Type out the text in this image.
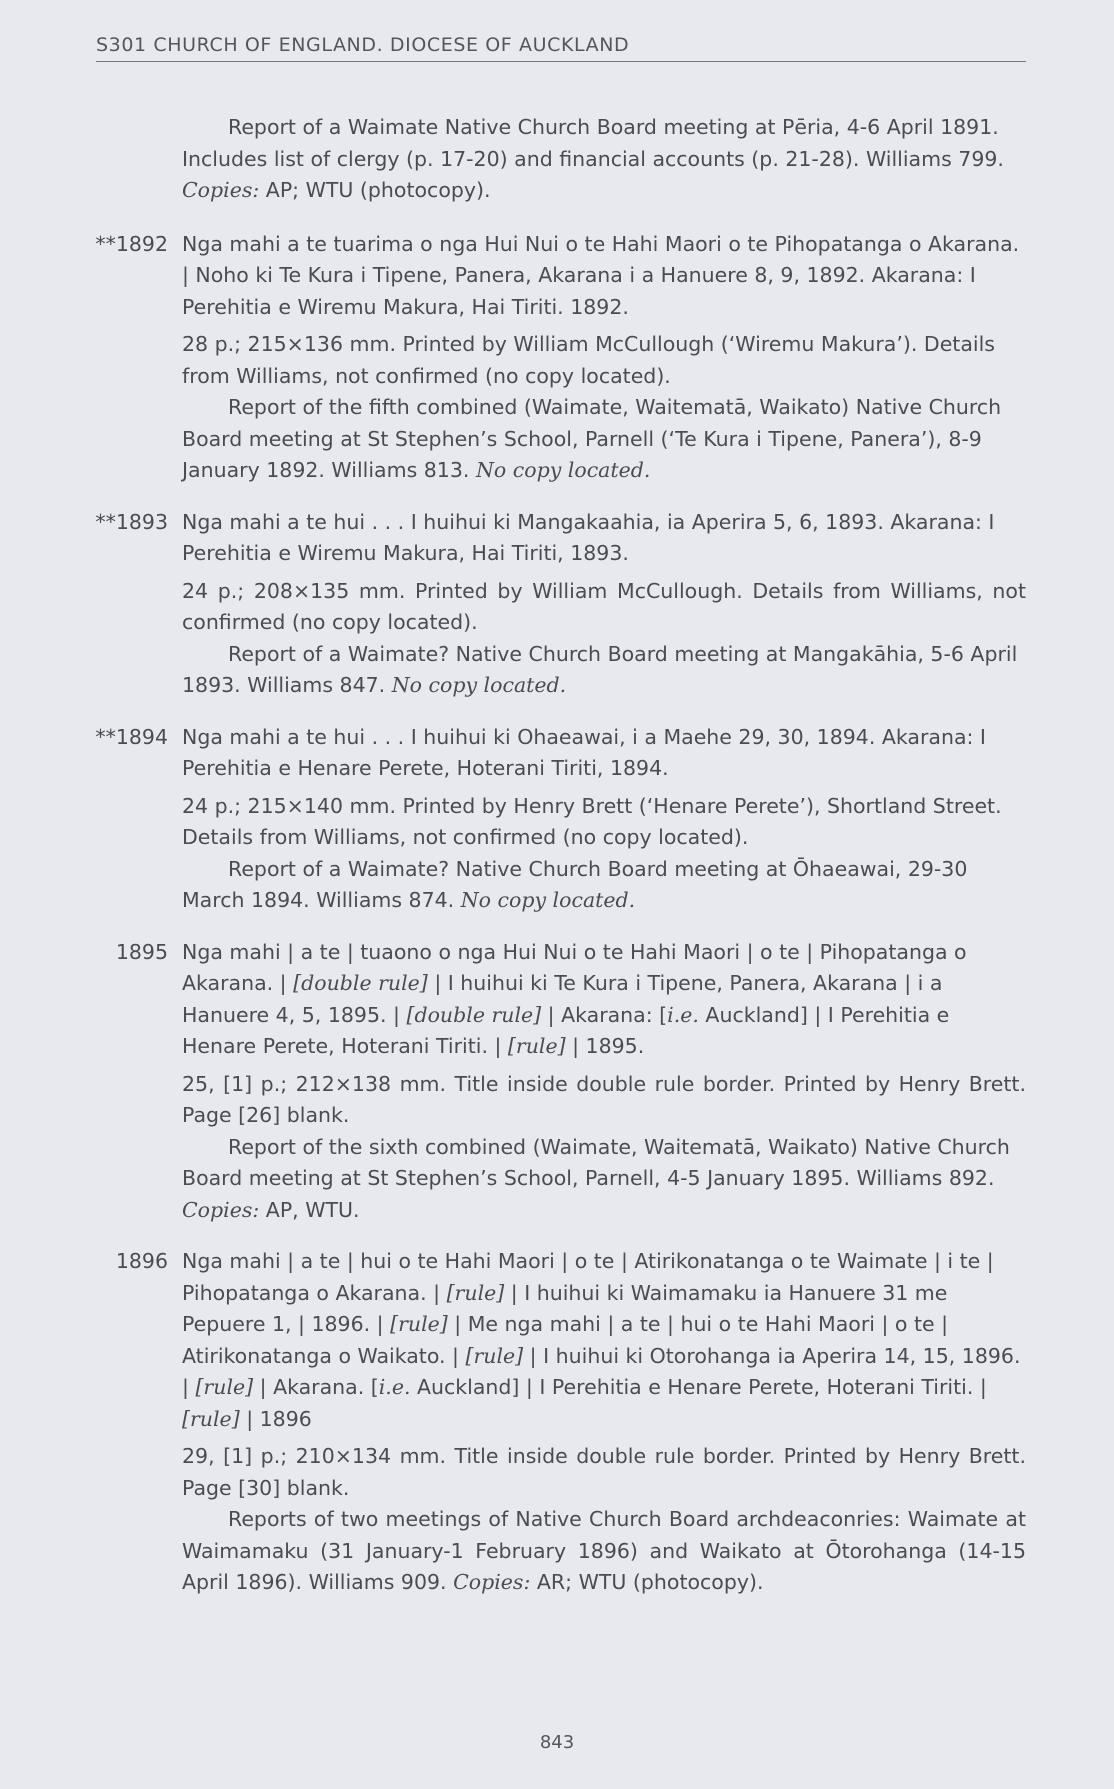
S301 CHURCH OF ENGLAND. DIOCESE OF AUCKLAND

Report of a Waimate Native Church Board meeting at Pēria, 4-6 April 1891. Includes list of clergy (p. 17-20) and financial accounts (p. 21-28). Williams 799. Copies: AP; WTU (photocopy).

**1892 Nga mahi a te tuarima o nga Hui Nui o te Hahi Maori o te Pihopatanga o Akarana. | Noho ki Te Kura i Tipene, Panera, Akarana i a Hanuere 8, 9, 1892. Akarana: I Perehitia e Wiremu Makura, Hai Tiriti. 1892.

28 p.; 215×136 mm. Printed by William McCullough (‘Wiremu Makura’). Details from Williams, not confirmed (no copy located).

Report of the fifth combined (Waimate, Waitematā, Waikato) Native Church Board meeting at St Stephen’s School, Parnell (‘Te Kura i Tipene, Panera’), 8-9 January 1892. Williams 813. No copy located.

**1893 Nga mahi a te hui . . . I huihui ki Mangakaahia, ia Aperira 5, 6, 1893. Akarana: I Perehitia e Wiremu Makura, Hai Tiriti, 1893.

24 p.; 208×135 mm. Printed by William McCullough. Details from Williams, not confirmed (no copy located).

Report of a Waimate? Native Church Board meeting at Mangakāhia, 5-6 April 1893. Williams 847. No copy located.

**1894 Nga mahi a te hui . . . I huihui ki Ohaeawai, i a Maehe 29, 30, 1894. Akarana: I Perehitia e Henare Perete, Hoterani Tiriti, 1894.

24 p.; 215×140 mm. Printed by Henry Brett (‘Henare Perete’), Shortland Street. Details from Williams, not confirmed (no copy located).

Report of a Waimate? Native Church Board meeting at Ōhaeawai, 29-30 March 1894. Williams 874. No copy located.

1895 Nga mahi | a te | tuaono o nga Hui Nui o te Hahi Maori | o te | Pihopatanga o Akarana. | [double rule] | I huihui ki Te Kura i Tipene, Panera, Akarana | i a Hanuere 4, 5, 1895. | [double rule] | Akarana: [i.e. Auckland] | I Perehitia e Henare Perete, Hoterani Tiriti. | [rule] | 1895.

25, [1] p.; 212×138 mm. Title inside double rule border. Printed by Henry Brett. Page [26] blank.

Report of the sixth combined (Waimate, Waitematā, Waikato) Native Church Board meeting at St Stephen’s School, Parnell, 4-5 January 1895. Williams 892. Copies: AP, WTU.

1896 Nga mahi | a te | hui o te Hahi Maori | o te | Atirikonatanga o te Waimate | i te | Pihopatanga o Akarana. | [rule] | I huihui ki Waimamaku ia Hanuere 31 me Pepuere 1, | 1896. | [rule] | Me nga mahi | a te | hui o te Hahi Maori | o te | Atirikonatanga o Waikato. | [rule] | I huihui ki Otorohanga ia Aperira 14, 15, 1896. | [rule] | Akarana. [i.e. Auckland] | I Perehitia e Henare Perete, Hoterani Tiriti. | [rule] | 1896

29, [1] p.; 210×134 mm. Title inside double rule border. Printed by Henry Brett. Page [30] blank.

Reports of two meetings of Native Church Board archdeaconries: Waimate at Waimamaku (31 January-1 February 1896) and Waikato at Ōtorohanga (14-15 April 1896). Williams 909. Copies: AR; WTU (photocopy).

843
